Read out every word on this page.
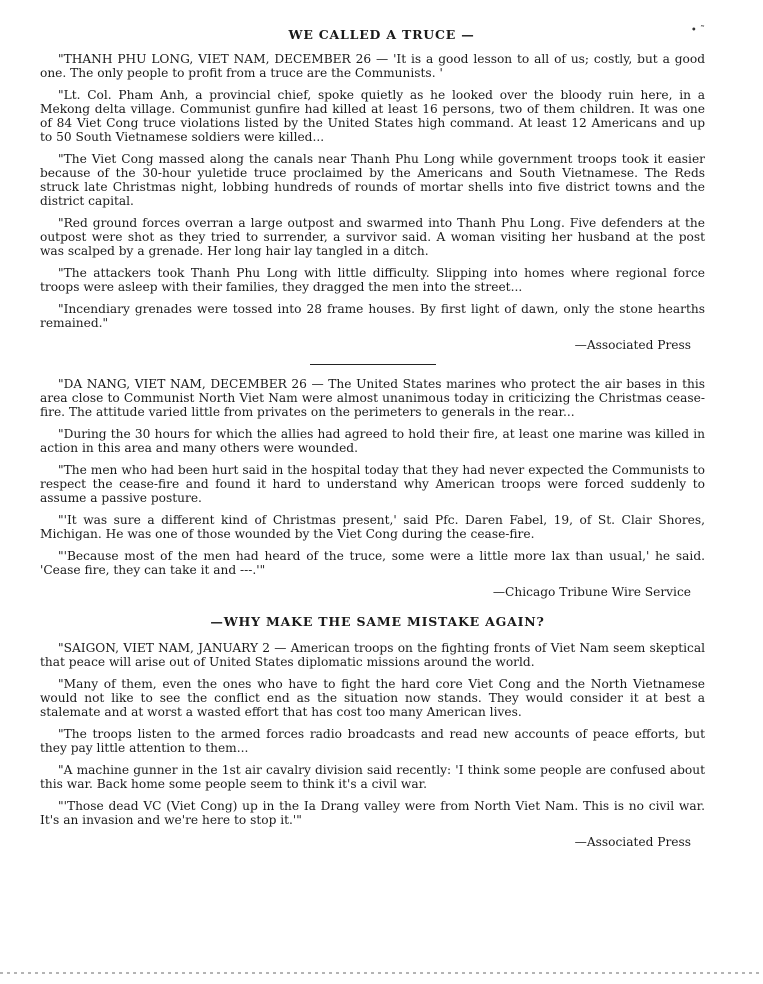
• ˜
WE CALLED A TRUCE —

"THANH PHU LONG, VIET NAM, DECEMBER 26 — 'It is a good lesson to all of us; costly, but a good one. The only people to profit from a truce are the Communists. '

"Lt. Col. Pham Anh, a provincial chief, spoke quietly as he looked over the bloody ruin here, in a Mekong delta village. Communist gunfire had killed at least 16 persons, two of them children. It was one of 84 Viet Cong truce violations listed by the United States high command. At least 12 Americans and up to 50 South Vietnamese soldiers were killed...

"The Viet Cong massed along the canals near Thanh Phu Long while government troops took it easier because of the 30-hour yuletide truce proclaimed by the Americans and South Vietnamese. The Reds struck late Christmas night, lobbing hundreds of rounds of mortar shells into five district towns and the district capital.

"Red ground forces overran a large outpost and swarmed into Thanh Phu Long. Five defenders at the outpost were shot as they tried to surrender, a survivor said. A woman visiting her husband at the post was scalped by a grenade. Her long hair lay tangled in a ditch.

"The attackers took Thanh Phu Long with little difficulty. Slipping into homes where regional force troops were asleep with their families, they dragged the men into the street...

"Incendiary grenades were tossed into 28 frame houses. By first light of dawn, only the stone hearths remained."

—Associated Press

"DA NANG, VIET NAM, DECEMBER 26 — The United States marines who protect the air bases in this area close to Communist North Viet Nam were almost unanimous today in criticizing the Christmas cease-fire. The attitude varied little from privates on the perimeters to generals in the rear...

"During the 30 hours for which the allies had agreed to hold their fire, at least one marine was killed in action in this area and many others were wounded.

"The men who had been hurt said in the hospital today that they had never expected the Communists to respect the cease-fire and found it hard to understand why American troops were forced suddenly to assume a passive posture.

"'It was sure a different kind of Christmas present,' said Pfc. Daren Fabel, 19, of St. Clair Shores, Michigan. He was one of those wounded by the Viet Cong during the cease-fire.

"'Because most of the men had heard of the truce, some were a little more lax than usual,' he said. 'Cease fire, they can take it and ---.'"

—Chicago Tribune Wire Service
—WHY MAKE THE SAME MISTAKE AGAIN?

"SAIGON, VIET NAM, JANUARY 2 — American troops on the fighting fronts of Viet Nam seem skeptical that peace will arise out of United States diplomatic missions around the world.

"Many of them, even the ones who have to fight the hard core Viet Cong and the North Vietnamese would not like to see the conflict end as the situation now stands. They would consider it at best a stalemate and at worst a wasted effort that has cost too many American lives.

"The troops listen to the armed forces radio broadcasts and read new accounts of peace efforts, but they pay little attention to them...

"A machine gunner in the 1st air cavalry division said recently: 'I think some people are confused about this war. Back home some people seem to think it's a civil war.

"'Those dead VC (Viet Cong) up in the Ia Drang valley were from North Viet Nam. This is no civil war. It's an invasion and we're here to stop it.'"

—Associated Press
